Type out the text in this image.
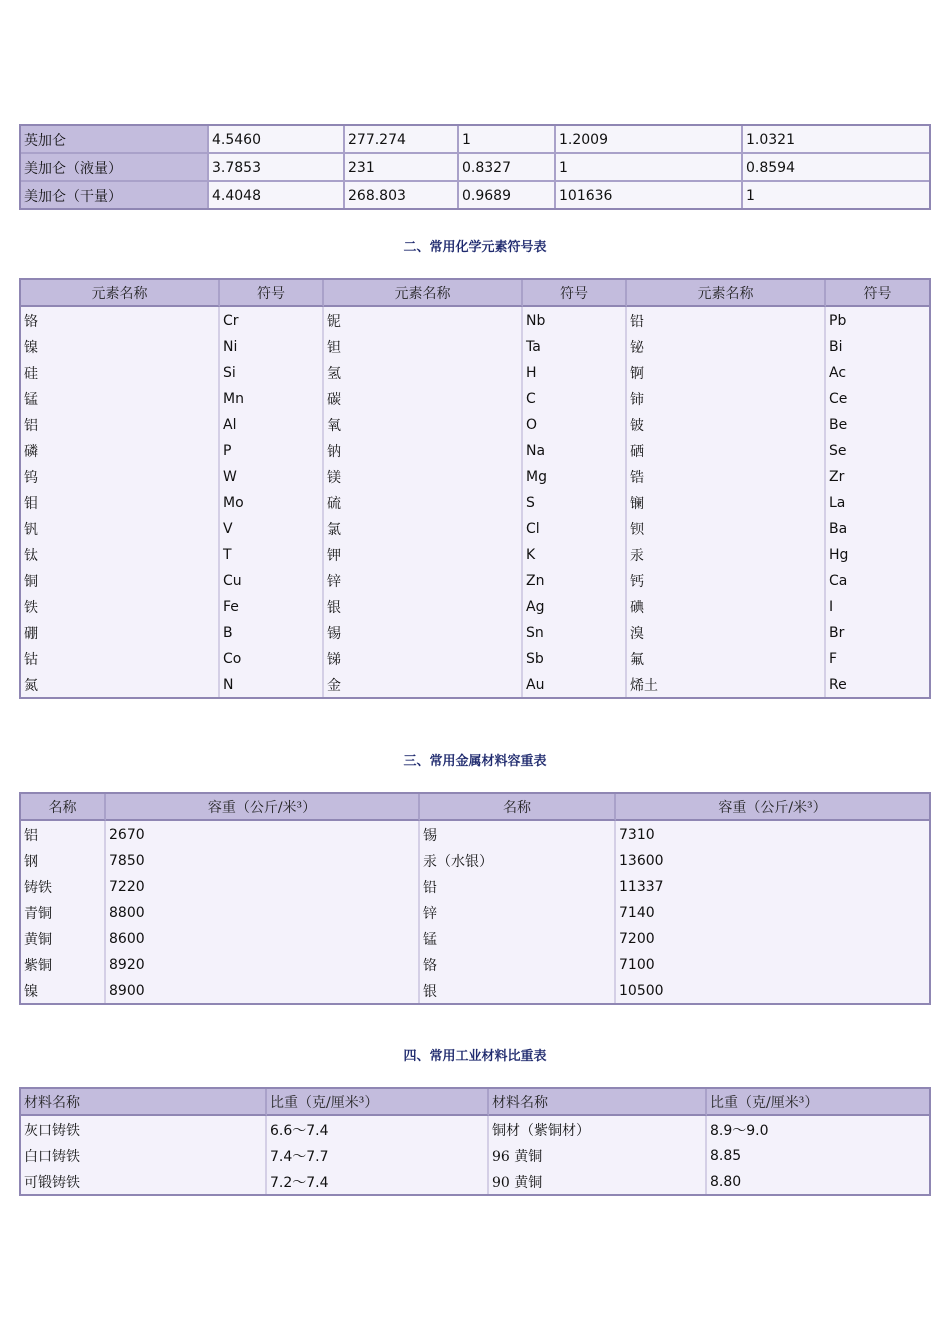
英加仑	4.5460	277.274	1	1.2009	1.0321
美加仑（液量）	3.7853	231	0.8327	1	0.8594
美加仑（干量）	4.4048	268.803	0.9689	101636	1
二、常用化学元素符号表
元素名称	符号	元素名称	符号	元素名称	符号
铬	Cr	铌	Nb	铅	Pb
镍	Ni	钽	Ta	铋	Bi
硅	Si	氢	H	锕	Ac
锰	Mn	碳	C	铈	Ce
铝	Al	氧	O	铍	Be
磷	P	钠	Na	硒	Se
钨	W	镁	Mg	锆	Zr
钼	Mo	硫	S	镧	La
钒	V	氯	Cl	钡	Ba
钛	T	钾	K	汞	Hg
铜	Cu	锌	Zn	钙	Ca
铁	Fe	银	Ag	碘	I
硼	B	锡	Sn	溴	Br
钴	Co	锑	Sb	氟	F
氮	N	金	Au	烯土	Re
三、常用金属材料容重表
名称	容重（公斤/米³）	名称	容重（公斤/米³）
铝	2670	锡	7310
钢	7850	汞（水银）	13600
铸铁	7220	铅	11337
青铜	8800	锌	7140
黄铜	8600	锰	7200
紫铜	8920	铬	7100
镍	8900	银	10500
四、常用工业材料比重表
材料名称	比重（克/厘米³）	材料名称	比重（克/厘米³）
灰口铸铁	6.6～7.4	铜材（紫铜材）	8.9～9.0
白口铸铁	7.4～7.7	96 黄铜	8.85
可锻铸铁	7.2～7.4	90 黄铜	8.80
